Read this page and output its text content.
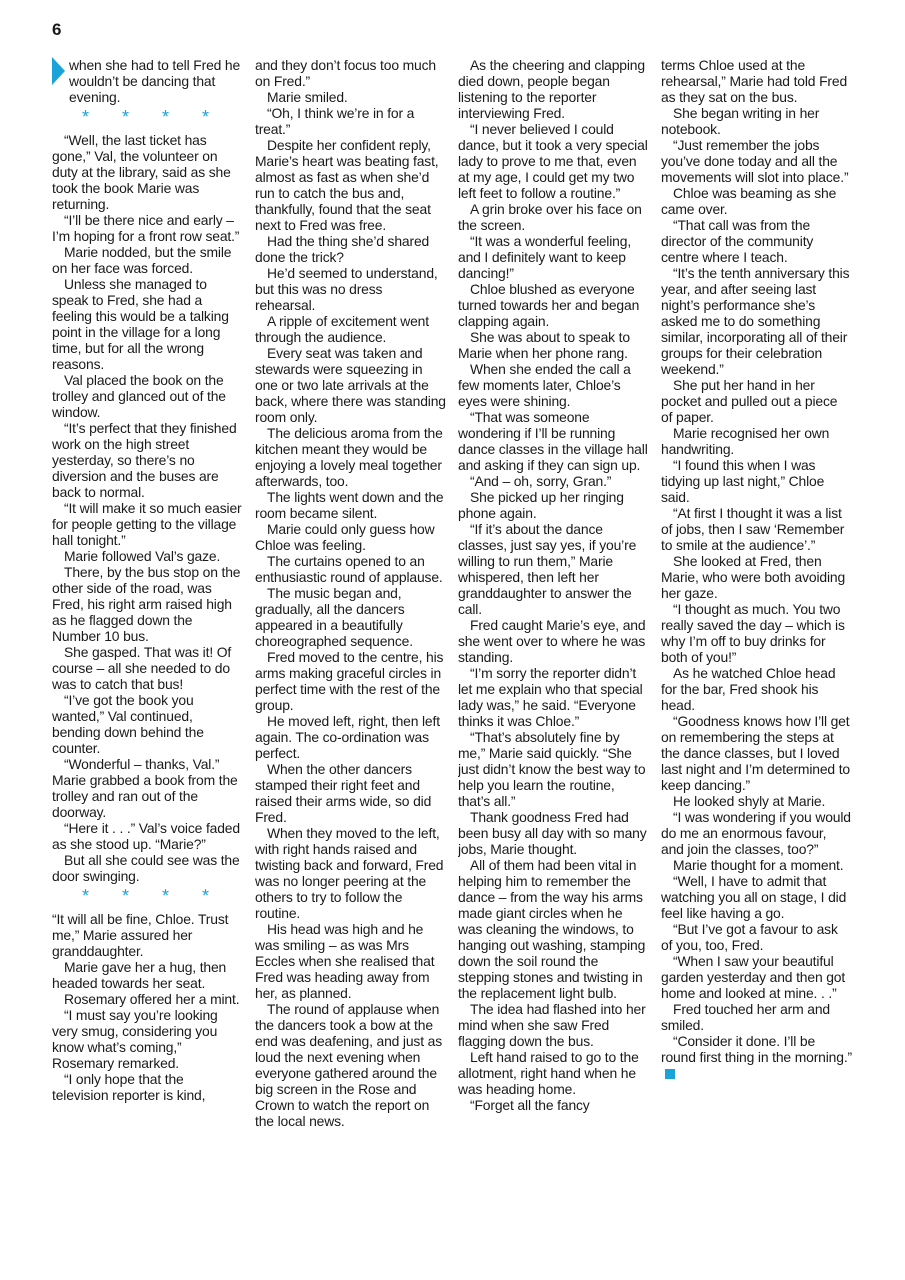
6

when she had to tell Fred he wouldn’t be dancing that evening.

* * * *

“Well, the last ticket has gone,” Val, the volunteer on duty at the library, said as she took the book Marie was returning.

“I’ll be there nice and early – I’m hoping for a front row seat.”

Marie nodded, but the smile on her face was forced.

Unless she managed to speak to Fred, she had a feeling this would be a talking point in the village for a long time, but for all the wrong reasons.

Val placed the book on the trolley and glanced out of the window.

“It’s perfect that they finished work on the high street yesterday, so there’s no diversion and the buses are back to normal.

“It will make it so much easier for people getting to the village hall tonight.”

Marie followed Val’s gaze.

There, by the bus stop on the other side of the road, was Fred, his right arm raised high as he flagged down the Number 10 bus.

She gasped. That was it! Of course – all she needed to do was to catch that bus!

“I’ve got the book you wanted,” Val continued, bending down behind the counter.

“Wonderful – thanks, Val.” Marie grabbed a book from the trolley and ran out of the doorway.

“Here it . . .” Val’s voice faded as she stood up. “Marie?”

But all she could see was the door swinging.

* * * *

“It will all be fine, Chloe. Trust me,” Marie assured her granddaughter.

Marie gave her a hug, then headed towards her seat.

Rosemary offered her a mint.

“I must say you’re looking very smug, considering you know what’s coming,” Rosemary remarked.

“I only hope that the television reporter is kind,

and they don’t focus too much on Fred.”

Marie smiled.

“Oh, I think we’re in for a treat.”

Despite her confident reply, Marie’s heart was beating fast, almost as fast as when she’d run to catch the bus and, thankfully, found that the seat next to Fred was free.

Had the thing she’d shared done the trick?

He’d seemed to understand, but this was no dress rehearsal.

A ripple of excitement went through the audience.

Every seat was taken and stewards were squeezing in one or two late arrivals at the back, where there was standing room only.

The delicious aroma from the kitchen meant they would be enjoying a lovely meal together afterwards, too.

The lights went down and the room became silent.

Marie could only guess how Chloe was feeling.

The curtains opened to an enthusiastic round of applause.

The music began and, gradually, all the dancers appeared in a beautifully choreographed sequence.

Fred moved to the centre, his arms making graceful circles in perfect time with the rest of the group.

He moved left, right, then left again. The co-ordination was perfect.

When the other dancers stamped their right feet and raised their arms wide, so did Fred.

When they moved to the left, with right hands raised and twisting back and forward, Fred was no longer peering at the others to try to follow the routine.

His head was high and he was smiling – as was Mrs Eccles when she realised that Fred was heading away from her, as planned.

The round of applause when the dancers took a bow at the end was deafening, and just as loud the next evening when everyone gathered around the big screen in the Rose and Crown to watch the report on the local news.

As the cheering and clapping died down, people began listening to the reporter interviewing Fred.

“I never believed I could dance, but it took a very special lady to prove to me that, even at my age, I could get my two left feet to follow a routine.”

A grin broke over his face on the screen.

“It was a wonderful feeling, and I definitely want to keep dancing!”

Chloe blushed as everyone turned towards her and began clapping again.

She was about to speak to Marie when her phone rang.

When she ended the call a few moments later, Chloe’s eyes were shining.

“That was someone wondering if I’ll be running dance classes in the village hall and asking if they can sign up.

“And – oh, sorry, Gran.”

She picked up her ringing phone again.

“If it’s about the dance classes, just say yes, if you’re willing to run them,” Marie whispered, then left her granddaughter to answer the call.

Fred caught Marie’s eye, and she went over to where he was standing.

“I’m sorry the reporter didn’t let me explain who that special lady was,” he said. “Everyone thinks it was Chloe.”

“That’s absolutely fine by me,” Marie said quickly. “She just didn’t know the best way to help you learn the routine, that’s all.”

Thank goodness Fred had been busy all day with so many jobs, Marie thought.

All of them had been vital in helping him to remember the dance – from the way his arms made giant circles when he was cleaning the windows, to hanging out washing, stamping down the soil round the stepping stones and twisting in the replacement light bulb.

The idea had flashed into her mind when she saw Fred flagging down the bus.

Left hand raised to go to the allotment, right hand when he was heading home.

“Forget all the fancy

terms Chloe used at the rehearsal,” Marie had told Fred as they sat on the bus.

She began writing in her notebook.

“Just remember the jobs you’ve done today and all the movements will slot into place.”

Chloe was beaming as she came over.

“That call was from the director of the community centre where I teach.

“It’s the tenth anniversary this year, and after seeing last night’s performance she’s asked me to do something similar, incorporating all of their groups for their celebration weekend.”

She put her hand in her pocket and pulled out a piece of paper.

Marie recognised her own handwriting.

“I found this when I was tidying up last night,” Chloe said.

“At first I thought it was a list of jobs, then I saw ‘Remember to smile at the audience’.”

She looked at Fred, then Marie, who were both avoiding her gaze.

“I thought as much. You two really saved the day – which is why I’m off to buy drinks for both of you!”

As he watched Chloe head for the bar, Fred shook his head.

“Goodness knows how I’ll get on remembering the steps at the dance classes, but I loved last night and I’m determined to keep dancing.”

He looked shyly at Marie.

“I was wondering if you would do me an enormous favour, and join the classes, too?”

Marie thought for a moment.

“Well, I have to admit that watching you all on stage, I did feel like having a go.

“But I’ve got a favour to ask of you, too, Fred.

“When I saw your beautiful garden yesterday and then got home and looked at mine. . .”

Fred touched her arm and smiled.

“Consider it done. I’ll be round first thing in the morning.”
